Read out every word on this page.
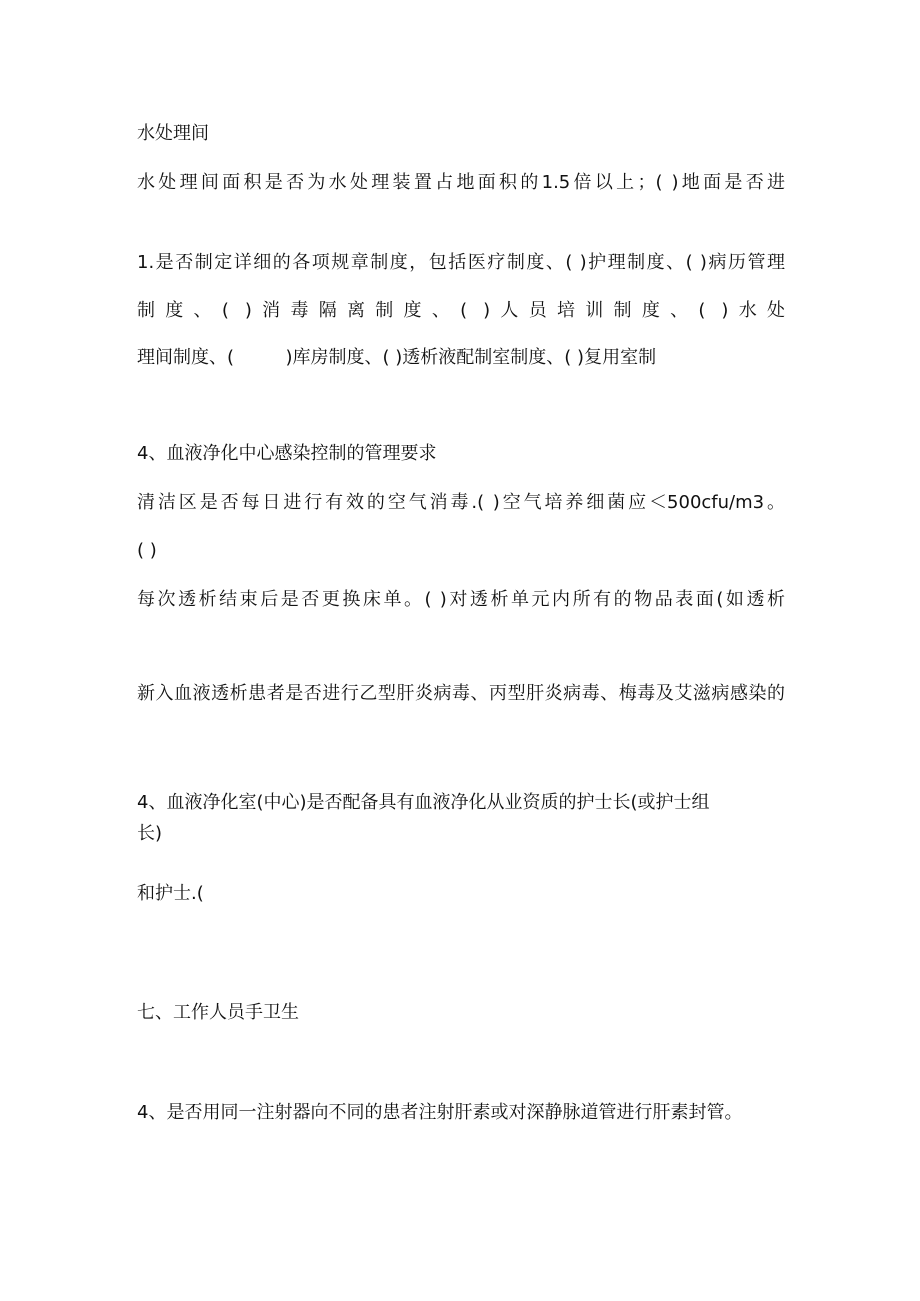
水处理间
水处理间面积是否为水处理装置占地面积的1.5倍以上；( )地面是否进
1.是否制定详细的各项规章制度，包括医疗制度、( )护理制度、( )病历管理
制度、( )消毒隔离制度、( )人员培训制度、( )水处
理间制度、(         )库房制度、( )透析液配制室制度、( )复用室制
4、血液净化中心感染控制的管理要求
清洁区是否每日进行有效的空气消毒.( )空气培养细菌应＜500cfu/m3。
( )
每次透析结束后是否更换床单。( )对透析单元内所有的物品表面(如透析
新入血液透析患者是否进行乙型肝炎病毒、丙型肝炎病毒、梅毒及艾滋病感染的
4、血液净化室(中心)是否配备具有血液净化从业资质的护士长(或护士组
长)
和护士.(
七、工作人员手卫生
4、是否用同一注射器向不同的患者注射肝素或对深静脉道管进行肝素封管。
